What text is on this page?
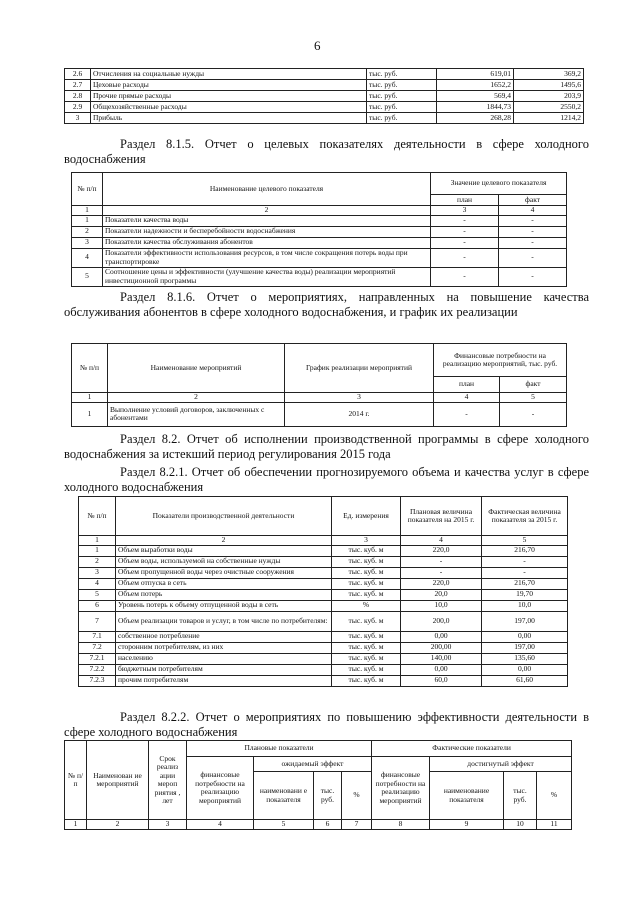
6
2.6	Отчисления на социальные нужды	тыс. руб.	619,01	369,2
2.7	Цеховые расходы	тыс. руб.	1652,2	1495,6
2.8	Прочие прямые расходы	тыс. руб.	569,4	203,9
2.9	Общехозяйственные расходы	тыс. руб.	1844,73	2550,2
3	Прибыль	тыс. руб.	268,28	1214,2
Раздел 8.1.5. Отчет о целевых показателях деятельности в сфере холодного водоснабжения
№ п/п	Наименование целевого показателя	Значение целевого показателя	
		план	факт
1	2	3	4
1	Показатели качества воды	-	-
2	Показатели надежности и бесперебойности водоснабжения	-	-
3	Показатели качества обслуживания абонентов	-	-
4	Показатели эффективности использования ресурсов, в том числе сокращения потерь воды при транспортировке	-	-
5	Соотношение цены и эффективности (улучшение качества воды) реализации мероприятий инвестиционной программы	-	-
Раздел 8.1.6. Отчет о мероприятиях, направленных на повышение качества обслуживания абонентов в сфере холодного водоснабжения, и график их реализации
№ п/п	Наименование мероприятий	График реализации мероприятий	Финансовые потребности на реализацию мероприятий, тыс. руб.	
			план	факт
1	2	3	4	5
1	Выполнение условий договоров, заключенных с абонентами	2014 г.	-	-
Раздел 8.2. Отчет об исполнении производственной программы в сфере холодного водоснабжения за истекший период регулирования 2015 года
Раздел 8.2.1. Отчет об обеспечении прогнозируемого объема и качества услуг в сфере холодного водоснабжения
№ п/п	Показатели производственной деятельности	Ед. измерения	Плановая величина показателя на 2015 г.	Фактическая величина показателя за 2015 г.
1	2	3	4	5
1	Объем выработки воды	тыс. куб. м	220,0	216,70
2	Объем воды, используемой на собственные нужды	тыс. куб. м	-	-
3	Объем пропущенной воды через очистные сооружения	тыс. куб. м	-	-
4	Объем отпуска в сеть	тыс. куб. м	220,0	216,70
5	Объем потерь	тыс. куб. м	20,0	19,70
6	Уровень потерь к объему отпущенной воды в сеть	%	10,0	10,0
7	Объем реализации товаров и услуг, в том числе по потребителям:	тыс. куб. м	200,0	197,00
7.1	собственное потребление	тыс. куб. м	0,00	0,00
7.2	сторонним потребителям, из них	тыс. куб. м	200,00	197,00
7.2.1	населению	тыс. куб. м	140,00	135,60
7.2.2	бюджетным потребителям	тыс. куб. м	0,00	0,00
7.2.3	прочим потребителям	тыс. куб. м	60,0	61,60
Раздел 8.2.2. Отчет о мероприятиях по повышению эффективности деятельности в сфере холодного водоснабжения
№ п/ п	Наименован ие мероприятий	Срок реализ ации мероп риятия , лет	Плановые показатели				Фактические показатели			
			финансовые потребности на реализацию мероприятий	ожидаемый эффект			финансовые потребности на реализацию мероприятий	достигнутый эффект		
				наименовани е показателя	тыс. руб.	%		наименование показателя	тыс. руб.	%
1	2	3	4	5	6	7	8	9	10	11
